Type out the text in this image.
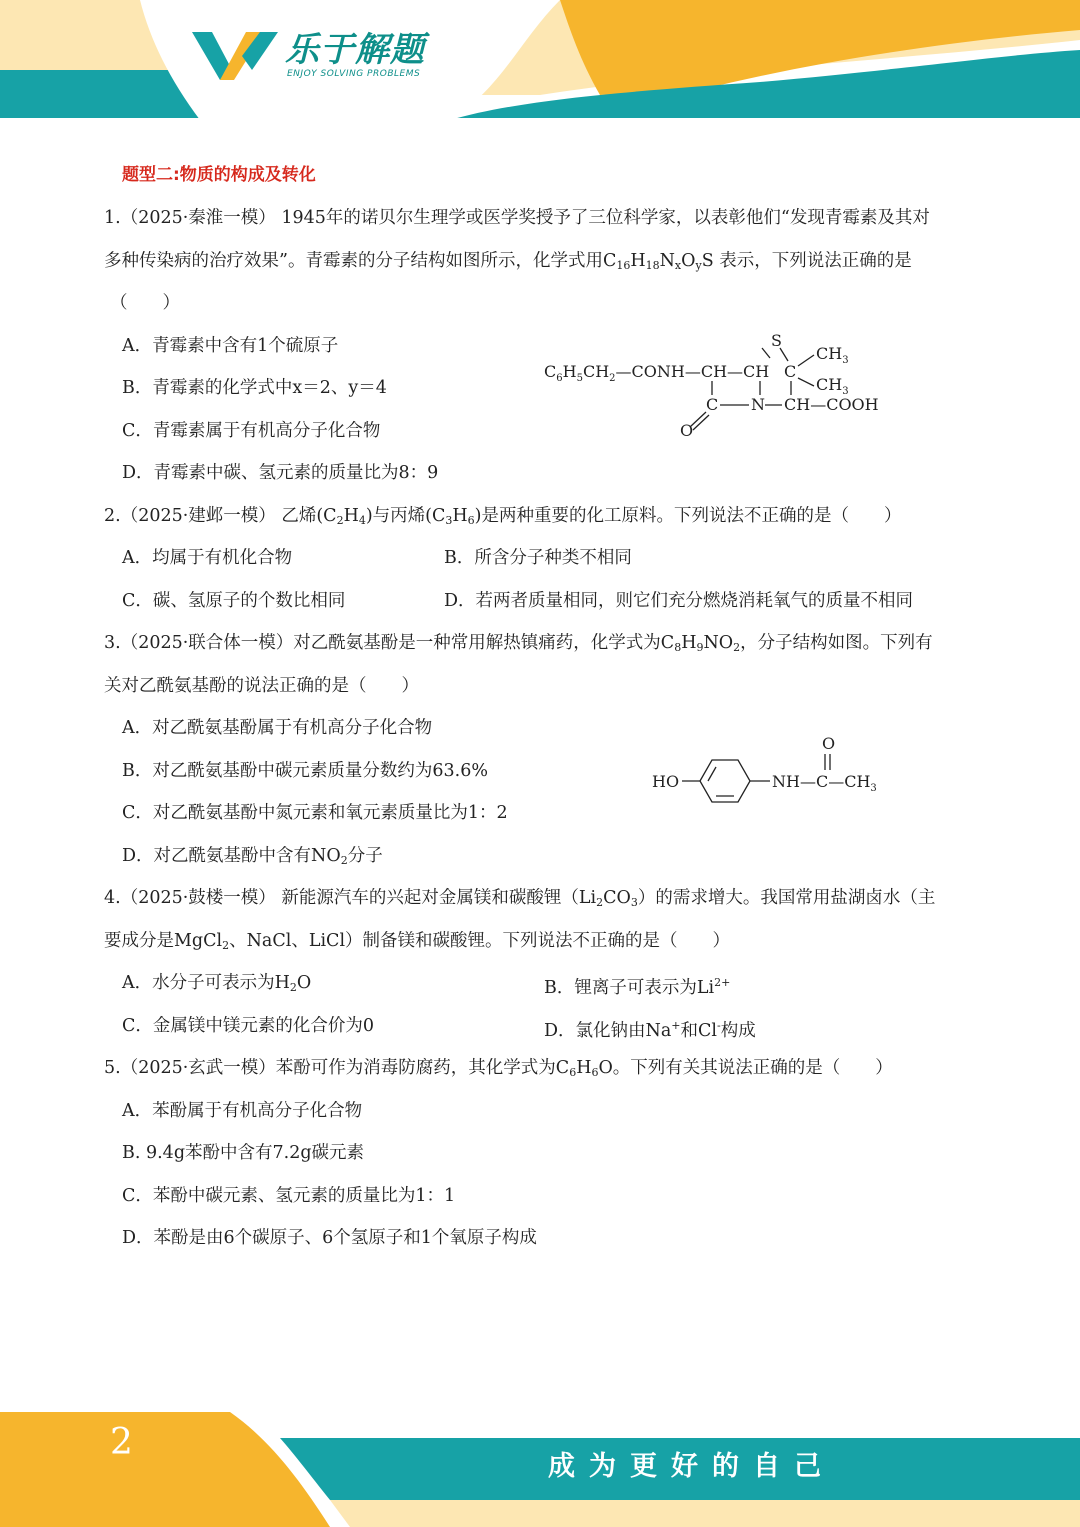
乐于解题
ENJOY SOLVING PROBLEMS
题型二:物质的构成及转化
1.（2025·秦淮一模） 1945年的诺贝尔生理学或医学奖授予了三位科学家，以表彰他们“发现青霉素及其对
多种传染病的治疗效果”。青霉素的分子结构如图所示，化学式用$C_{16}H_{18}N_xO_yS$ 表示，下列说法正确的是
（　　）
A．青霉素中含有1个硫原子
B．青霉素的化学式中x＝2、y＝4
C．青霉素属于有机高分子化合物
D．青霉素中碳、氢元素的质量比为8：9
$C_6H_5CH_2—CONH—CH—CH$ C
S
$CH_3$
$CH_3$
C N CH—COOH
O
2.（2025·建邺一模） 乙烯$(C_2H_4)$与丙烯$(C_3H_6)$是两种重要的化工原料。下列说法不正确的是（　　）
A．均属于有机化合物	B．所含分子种类不相同
C．碳、氢原子的个数比相同	D．若两者质量相同，则它们充分燃烧消耗氧气的质量不相同
3.（2025·联合体一模）对乙酰氨基酚是一种常用解热镇痛药，化学式为$C_8H_9NO_2$，分子结构如图。下列有
关对乙酰氨基酚的说法正确的是（　　）
A．对乙酰氨基酚属于有机高分子化合物
B．对乙酰氨基酚中碳元素质量分数约为63.6%
C．对乙酰氨基酚中氮元素和氧元素质量比为1：2
D．对乙酰氨基酚中含有$NO_2$分子
HO	$NH—C—CH_3$
O
4.（2025·鼓楼一模） 新能源汽车的兴起对金属镁和碳酸锂$(Li_2CO_3)$的需求增大。我国常用盐湖卤水（主
要成分是MgCl$_2$、NaCl、LiCl）制备镁和碳酸锂。下列说法不正确的是（　　）
A．水分子可表示为$H_2O$	B．锂离子可表示为$Li^{2+}$
C．金属镁中镁元素的化合价为0	D．氯化钠由Na+和Cl-构成
5.（2025·玄武一模）苯酚可作为消毒防腐药，其化学式为$C_6H_6O$。下列有关其说法正确的是（　　）
A．苯酚属于有机高分子化合物
B. 9.4g苯酚中含有7.2g碳元素
C．苯酚中碳元素、氢元素的质量比为1：1
D．苯酚是由6个碳原子、6个氢原子和1个氧原子构成
2
成为更好的自己
